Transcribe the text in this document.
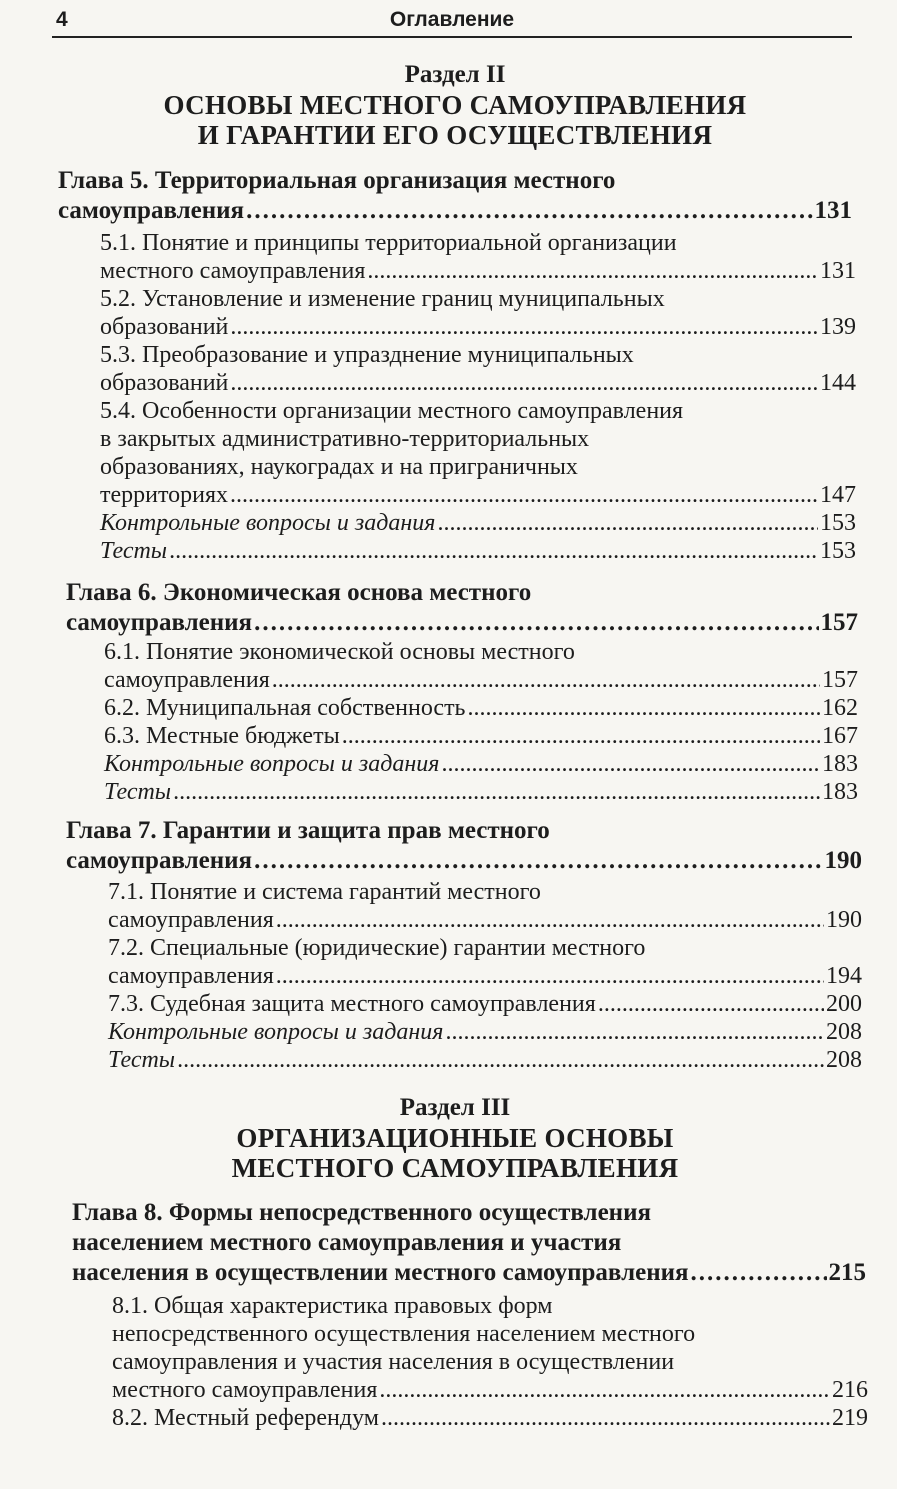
4	Оглавление
Раздел II
ОСНОВЫ МЕСТНОГО САМОУПРАВЛЕНИЯ
И ГАРАНТИИ ЕГО ОСУЩЕСТВЛЕНИЯ
Раздел III
ОРГАНИЗАЦИОННЫЕ ОСНОВЫ
МЕСТНОГО САМОУПРАВЛЕНИЯ
Глава 5. Территориальная организация местного
самоуправления .....	131
5.1. Понятие и принципы территориальной организации
местного самоуправления .....	131
5.2. Установление и изменение границ муниципальных
образований .....	139
5.3. Преобразование и упразднение муниципальных
образований .....	144
5.4. Особенности организации местного самоуправления
в закрытых административно-территориальных
образованиях, наукоградах и на приграничных
территориях .....	147
Контрольные вопросы и задания .....	153
Тесты .....	153
Глава 6. Экономическая основа местного
самоуправления .....	157
6.1. Понятие экономической основы местного
самоуправления .....	157
6.2. Муниципальная собственность .....	162
6.3. Местные бюджеты .....	167
Контрольные вопросы и задания .....	183
Тесты .....	183
Глава 7. Гарантии и защита прав местного
самоуправления .....	190
7.1. Понятие и система гарантий местного
самоуправления .....	190
7.2. Специальные (юридические) гарантии местного
самоуправления .....	194
7.3. Судебная защита местного самоуправления .....	200
Контрольные вопросы и задания .....	208
Тесты .....	208
Глава 8. Формы непосредственного осуществления
населением местного самоуправления и участия
населения в осуществлении местного самоуправления .....	215
8.1. Общая характеристика правовых форм
непосредственного осуществления населением местного
самоуправления и участия населения в осуществлении
местного самоуправления .....	216
8.2. Местный референдум .....	219
